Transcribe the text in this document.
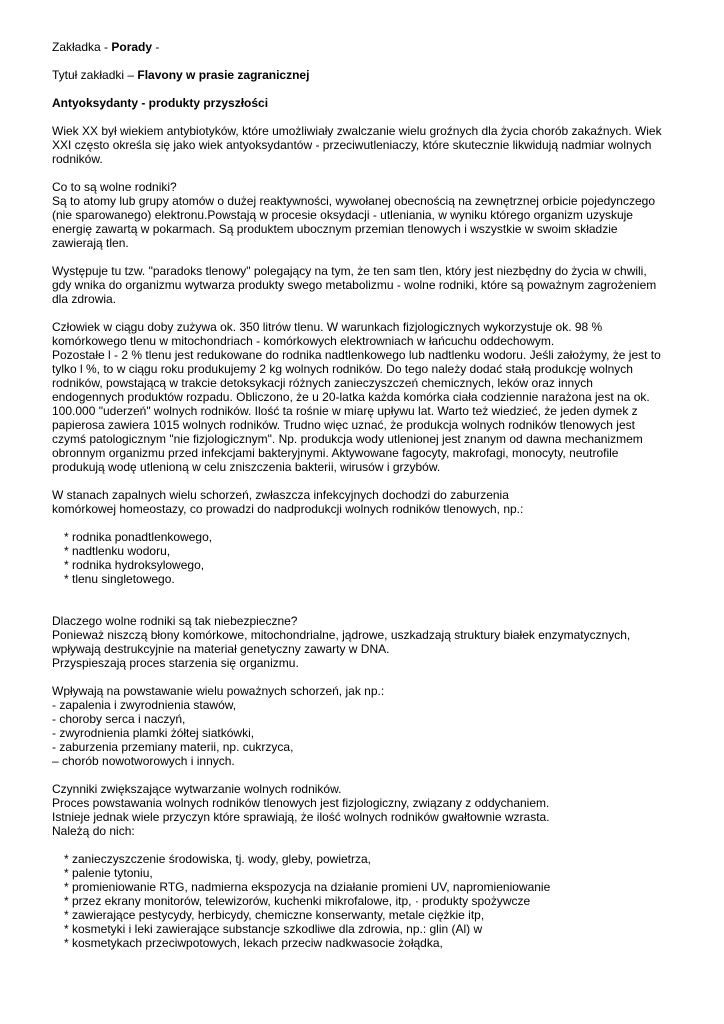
Zakładka - Porady -

Tytuł zakładki – Flavony w prasie zagranicznej

Antyoksydanty - produkty przyszłości

Wiek XX był wiekiem antybiotyków, które umożliwiały zwalczanie wielu groźnych dla życia chorób zakaźnych. Wiek

XXI często określa się jako wiek antyoksydantów - przeciwutleniaczy, które skutecznie likwidują nadmiar wolnych

rodników.

Co to są wolne rodniki?

Są to atomy lub grupy atomów o dużej reaktywności, wywołanej obecnością na zewnętrznej orbicie pojedynczego

(nie sparowanego) elektronu.Powstają w procesie oksydacji - utleniania, w wyniku którego organizm uzyskuje

energię zawartą w pokarmach. Są produktem ubocznym przemian tlenowych i wszystkie w swoim składzie

zawierają tlen.

Występuje tu tzw. "paradoks tlenowy" polegający na tym, że ten sam tlen, który jest niezbędny do życia w chwili,

gdy wnika do organizmu wytwarza produkty swego metabolizmu - wolne rodniki, które są poważnym zagrożeniem

dla zdrowia.

Człowiek w ciągu doby zużywa ok. 350 litrów tlenu. W warunkach fizjologicznych wykorzystuje ok. 98 %

komórkowego tlenu w mitochondriach - komórkowych elektrowniach w łańcuchu oddechowym.

Pozostałe l - 2 % tlenu jest redukowane do rodnika nadtlenkowego lub nadtlenku wodoru. Jeśli założymy, że jest to

tylko l %, to w ciągu roku produkujemy 2 kg wolnych rodników. Do tego należy dodać stałą produkcję wolnych

rodników, powstającą w trakcie detoksykacji różnych zanieczyszczeń chemicznych, leków oraz innych

endogennych produktów rozpadu. Obliczono, że u 20-latka każda komórka ciała codziennie narażona jest na ok.

100.000 "uderzeń" wolnych rodników. Ilość ta rośnie w miarę upływu lat. Warto też wiedzieć, że jeden dymek z

papierosa zawiera 1015 wolnych rodników. Trudno więc uznać, że produkcja wolnych rodników tlenowych jest

czymś patologicznym "nie fizjologicznym". Np. produkcja wody utlenionej jest znanym od dawna mechanizmem

obronnym organizmu przed infekcjami bakteryjnymi. Aktywowane fagocyty, makrofagi, monocyty, neutrofile

produkują wodę utlenioną w celu zniszczenia bakterii, wirusów i grzybów.

W stanach zapalnych wielu schorzeń, zwłaszcza infekcyjnych dochodzi do zaburzenia

komórkowej homeostazy, co prowadzi do nadprodukcji wolnych rodników tlenowych, np.:

* rodnika ponadtlenkowego,

* nadtlenku wodoru,

* rodnika hydroksylowego,

* tlenu singletowego.

Dlaczego wolne rodniki są tak niebezpieczne?

Ponieważ niszczą błony komórkowe, mitochondrialne, jądrowe, uszkadzają struktury białek enzymatycznych,

wpływają destrukcyjnie na materiał genetyczny zawarty w DNA.

Przyspieszają proces starzenia się organizmu.

Wpływają na powstawanie wielu poważnych schorzeń, jak np.:

- zapalenia i zwyrodnienia stawów,

- choroby serca i naczyń,

- zwyrodnienia plamki żółtej siatkówki,

- zaburzenia przemiany materii, np. cukrzyca,

– chorób nowotworowych i innych.

Czynniki zwiększające wytwarzanie wolnych rodników.

Proces powstawania wolnych rodników tlenowych jest fizjologiczny, związany z oddychaniem.

Istnieje jednak wiele przyczyn które sprawiają, że ilość wolnych rodników gwałtownie wzrasta.

Należą do nich:

* zanieczyszczenie środowiska, tj. wody, gleby, powietrza,

* palenie tytoniu,

* promieniowanie RTG, nadmierna ekspozycja na działanie promieni UV, napromieniowanie

* przez ekrany monitorów, telewizorów, kuchenki mikrofalowe, itp, · produkty spożywcze

* zawierające pestycydy, herbicydy, chemiczne konserwanty, metale ciężkie itp,

* kosmetyki i leki zawierające substancje szkodliwe dla zdrowia, np.: glin (Al) w

* kosmetykach przeciwpotowych, lekach przeciw nadkwasocie żołądka,
